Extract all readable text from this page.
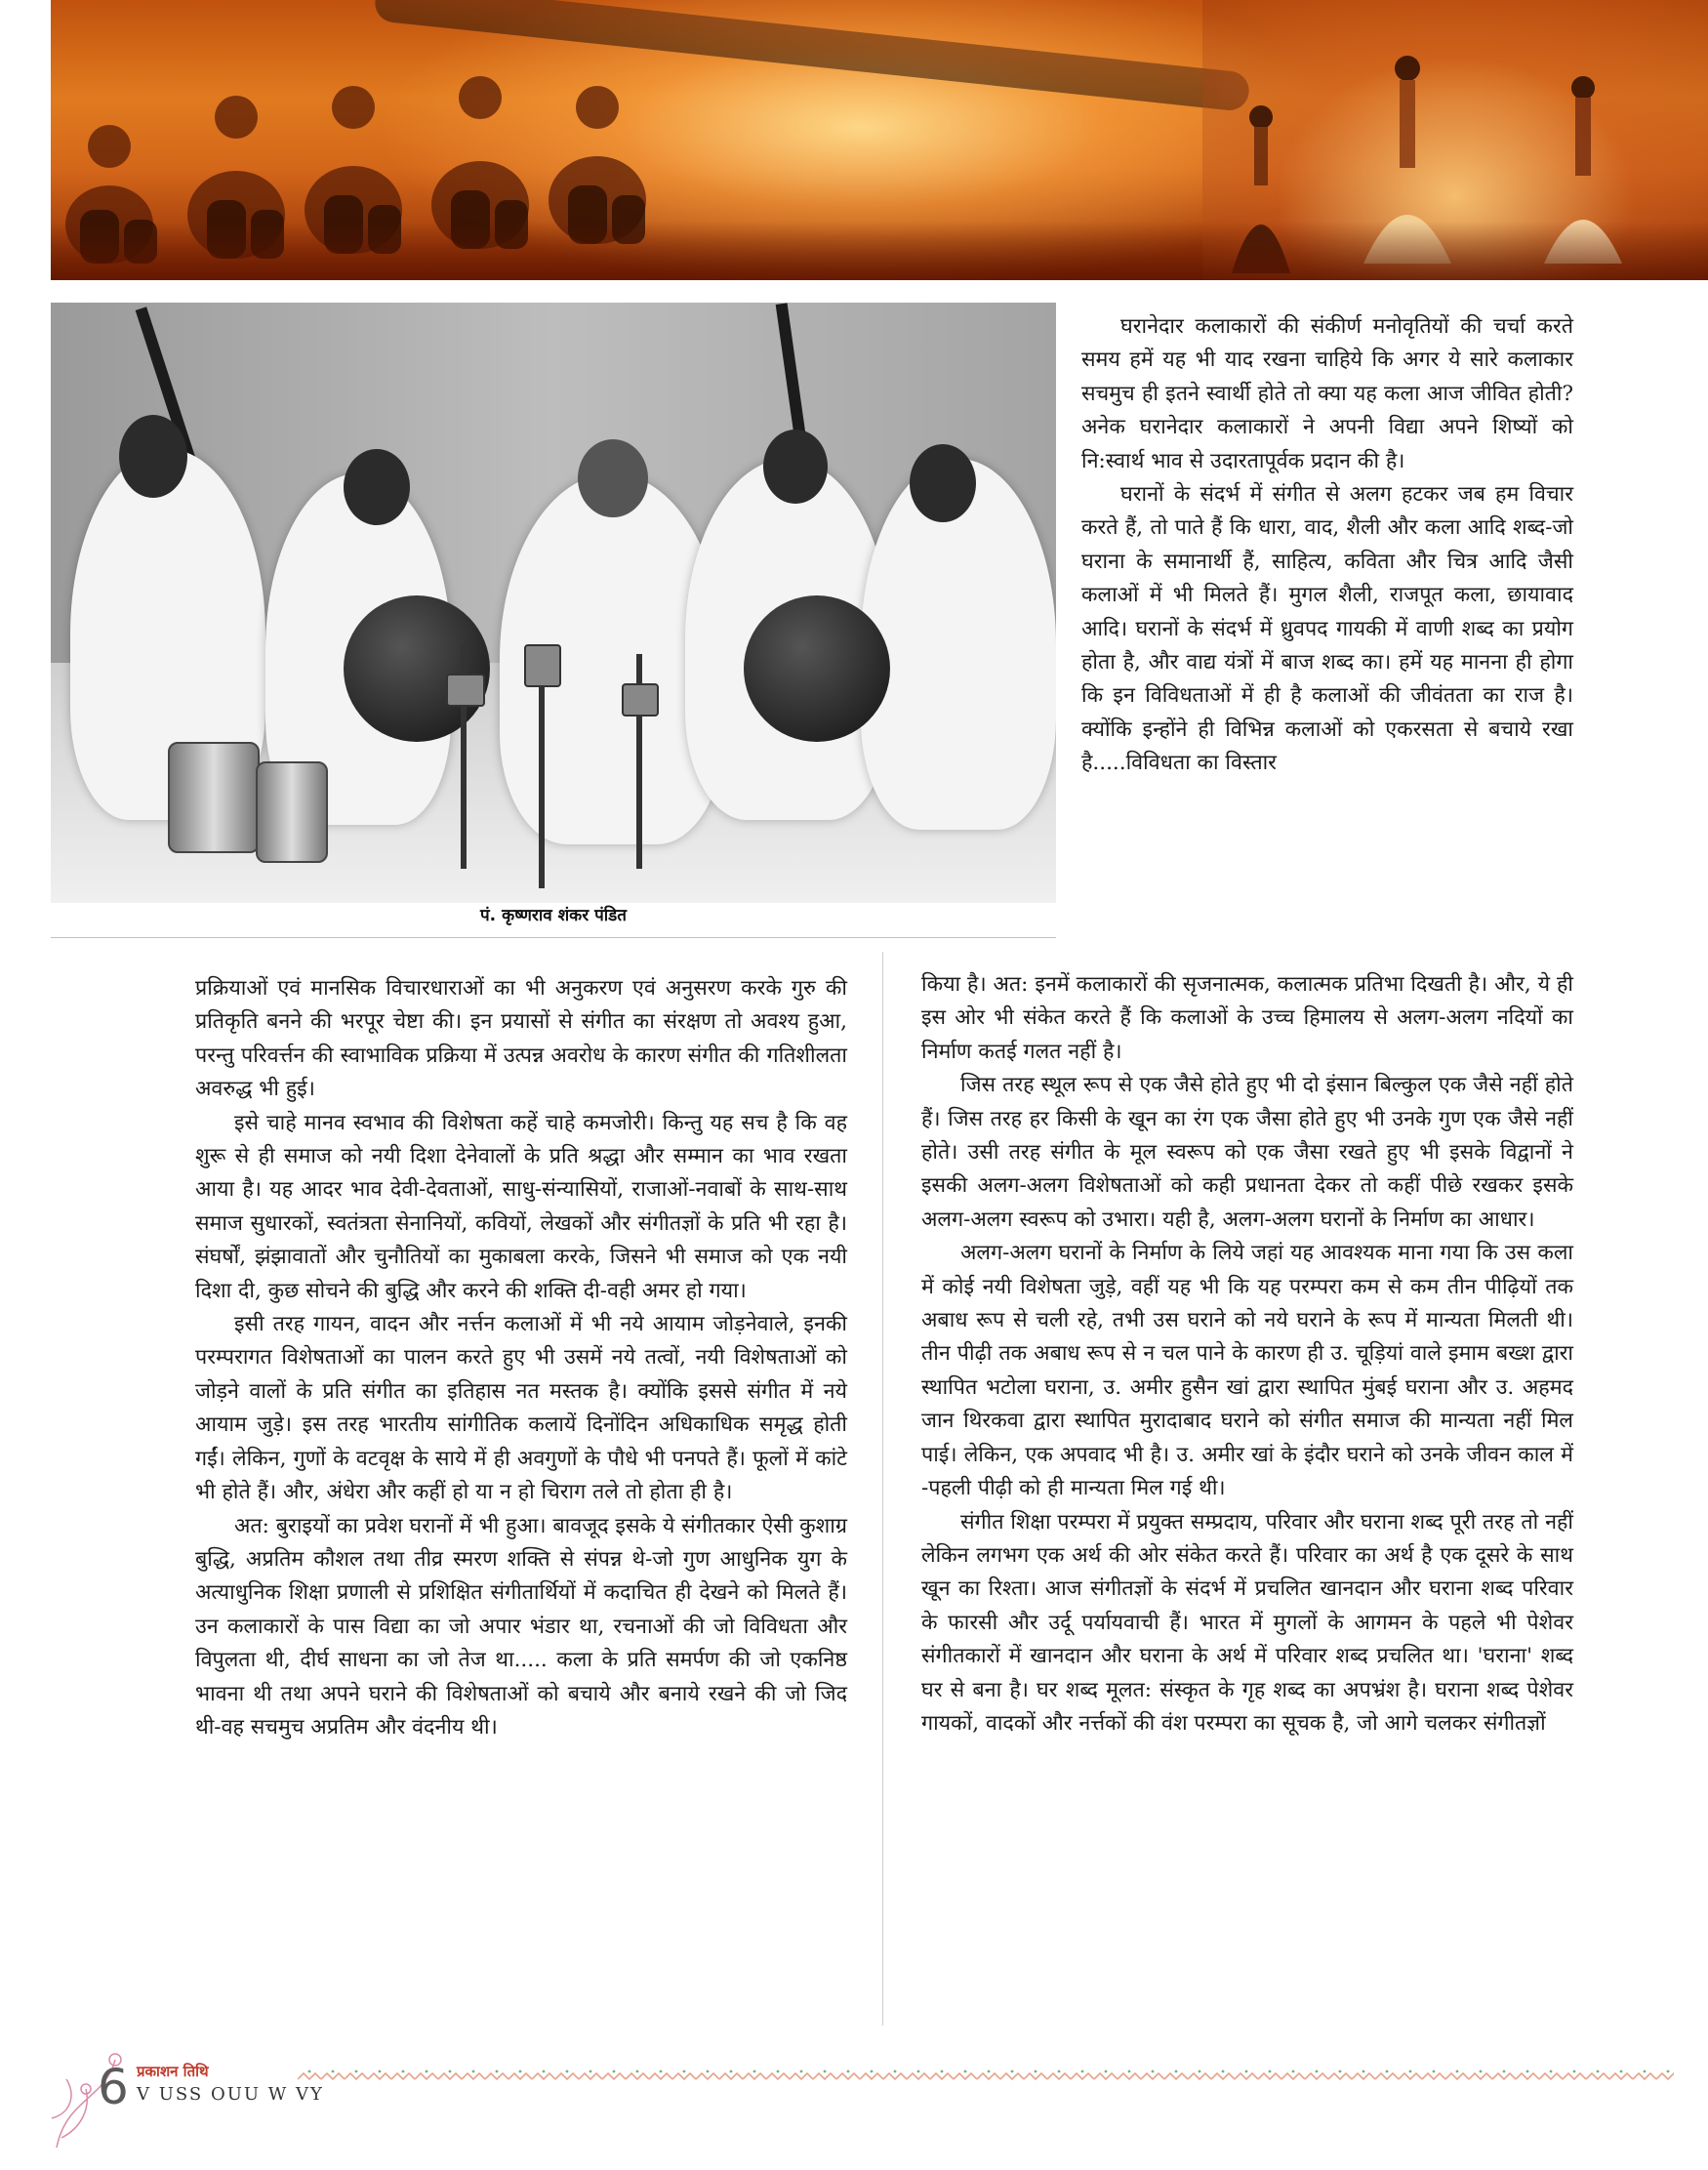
पं. कृष्णराव शंकर पंडित

घरानेदार कलाकारों की संकीर्ण मनोवृतियों की चर्चा करते समय हमें यह भी याद रखना चाहिये कि अगर ये सारे कलाकार सचमुच ही इतने स्वार्थी होते तो क्या यह कला आज जीवित होती? अनेक घरानेदार कलाकारों ने अपनी विद्या अपने शिष्यों को नि:स्वार्थ भाव से उदारतापूर्वक प्रदान की है।

घरानों के संदर्भ में संगीत से अलग हटकर जब हम विचार करते हैं, तो पाते हैं कि धारा, वाद, शैली और कला आदि शब्द-जो घराना के समानार्थी हैं, साहित्य, कविता और चित्र आदि जैसी कलाओं में भी मिलते हैं। मुगल शैली, राजपूत कला, छायावाद आदि। घरानों के संदर्भ में ध्रुवपद गायकी में वाणी शब्द का प्रयोग होता है, और वाद्य यंत्रों में बाज शब्द का। हमें यह मानना ही होगा कि इन विविधताओं में ही है कलाओं की जीवंतता का राज है। क्योंकि इन्होंने ही विभिन्न कलाओं को एकरसता से बचाये रखा है.....विविधता का विस्तार

किया है। अत: इनमें कलाकारों की सृजनात्मक, कलात्मक प्रतिभा दिखती है। और, ये ही इस ओर भी संकेत करते हैं कि कलाओं के उच्च हिमालय से अलग-अलग नदियों का निर्माण कतई गलत नहीं है।

जिस तरह स्थूल रूप से एक जैसे होते हुए भी दो इंसान बिल्कुल एक जैसे नहीं होते हैं। जिस तरह हर किसी के खून का रंग एक जैसा होते हुए भी उनके गुण एक जैसे नहीं होते। उसी तरह संगीत के मूल स्वरूप को एक जैसा रखते हुए भी इसके विद्वानों ने इसकी अलग-अलग विशेषताओं को कही प्रधानता देकर तो कहीं पीछे रखकर इसके अलग-अलग स्वरूप को उभारा। यही है, अलग-अलग घरानों के निर्माण का आधार।

अलग-अलग घरानों के निर्माण के लिये जहां यह आवश्यक माना गया कि उस कला में कोई नयी विशेषता जुड़े, वहीं यह भी कि यह परम्परा कम से कम तीन पीढ़ियों तक अबाध रूप से चली रहे, तभी उस घराने को नये घराने के रूप में मान्यता मिलती थी। तीन पीढ़ी तक अबाध रूप से न चल पाने के कारण ही उ. चूड़ियां वाले इमाम बख्श द्वारा स्थापित भटोला घराना, उ. अमीर हुसैन खां द्वारा स्थापित मुंबई घराना और उ. अहमद जान थिरकवा द्वारा स्थापित मुरादाबाद घराने को संगीत समाज की मान्यता नहीं मिल पाई। लेकिन, एक अपवाद भी है। उ. अमीर खां के इंदौर घराने को उनके जीवन काल में -पहली पीढ़ी को ही मान्यता मिल गई थी।

संगीत शिक्षा परम्परा में प्रयुक्त सम्प्रदाय, परिवार और घराना शब्द पूरी तरह तो नहीं लेकिन लगभग एक अर्थ की ओर संकेत करते हैं। परिवार का अर्थ है एक दूसरे के साथ खून का रिश्ता। आज संगीतज्ञों के संदर्भ में प्रचलित खानदान और घराना शब्द परिवार के फारसी और उर्दू पर्यायवाची हैं। भारत में मुगलों के आगमन के पहले भी पेशेवर संगीतकारों में खानदान और घराना के अर्थ में परिवार शब्द प्रचलित था। 'घराना' शब्द घर से बना है। घर शब्द मूलत: संस्कृत के गृह शब्द का अपभ्रंश है। घराना शब्द पेशेवर गायकों, वादकों और नर्त्तकों की वंश परम्परा का सूचक है, जो आगे चलकर संगीतज्ञों

प्रक्रियाओं एवं मानसिक विचारधाराओं का भी अनुकरण एवं अनुसरण करके गुरु की प्रतिकृति बनने की भरपूर चेष्टा की। इन प्रयासों से संगीत का संरक्षण तो अवश्य हुआ, परन्तु परिवर्त्तन की स्वाभाविक प्रक्रिया में उत्पन्न अवरोध के कारण संगीत की गतिशीलता अवरुद्ध भी हुई।

इसे चाहे मानव स्वभाव की विशेषता कहें चाहे कमजोरी। किन्तु यह सच है कि वह शुरू से ही समाज को नयी दिशा देनेवालों के प्रति श्रद्धा और सम्मान का भाव रखता आया है। यह आदर भाव देवी-देवताओं, साधु-संन्यासियों, राजाओं-नवाबों के साथ-साथ समाज सुधारकों, स्वतंत्रता सेनानियों, कवियों, लेखकों और संगीतज्ञों के प्रति भी रहा है। संघर्षों, झंझावातों और चुनौतियों का मुकाबला करके, जिसने भी समाज को एक नयी दिशा दी, कुछ सोचने की बुद्धि और करने की शक्ति दी-वही अमर हो गया।

इसी तरह गायन, वादन और नर्त्तन कलाओं में भी नये आयाम जोड़नेवाले, इनकी परम्परागत विशेषताओं का पालन करते हुए भी उसमें नये तत्वों, नयी विशेषताओं को जोड़ने वालों के प्रति संगीत का इतिहास नत मस्तक है। क्योंकि इससे संगीत में नये आयाम जुड़े। इस तरह भारतीय सांगीतिक कलायें दिनोंदिन अधिकाधिक समृद्ध होती गईं। लेकिन, गुणों के वटवृक्ष के साये में ही अवगुणों के पौधे भी पनपते हैं। फूलों में कांटे भी होते हैं। और, अंधेरा और कहीं हो या न हो चिराग तले तो होता ही है।

अत: बुराइयों का प्रवेश घरानों में भी हुआ। बावजूद इसके ये संगीतकार ऐसी कुशाग्र बुद्धि, अप्रतिम कौशल तथा तीव्र स्मरण शक्ति से संपन्न थे-जो गुण आधुनिक युग के अत्याधुनिक शिक्षा प्रणाली से प्रशिक्षित संगीतार्थियों में कदाचित ही देखने को मिलते हैं। उन कलाकारों के पास विद्या का जो अपार भंडार था, रचनाओं की जो विविधता और विपुलता थी, दीर्घ साधना का जो तेज था..... कला के प्रति समर्पण की जो एकनिष्ठ भावना थी तथा अपने घराने की विशेषताओं को बचाये और बनाये रखने की जो जिद थी-वह सचमुच अप्रतिम और वंदनीय थी।

6 प्रकाशन तिथि
V USS OUU W VY
